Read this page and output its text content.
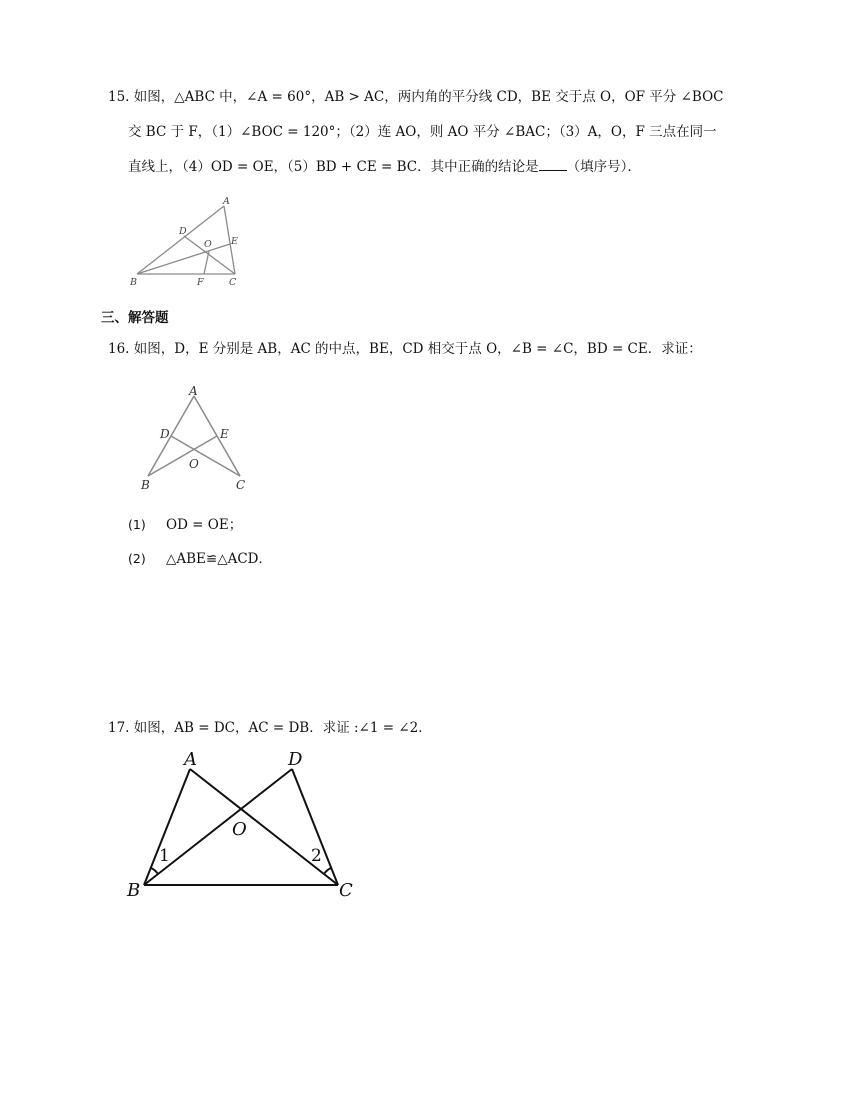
15. 如图，△ABC 中，∠A = 60°，AB > AC，两内角的平分线 CD，BE 交于点 O，OF 平分 ∠BOC
交 BC 于 F，（1）∠BOC = 120°；（2）连 AO，则 AO 平分 ∠BAC；（3）A，O，F 三点在同一
直线上，（4）OD = OE，（5）BD + CE = BC．其中正确的结论是 （填序号）．
A
D
O E
B	F	C
三、解答题
16. 如图，D，E 分别是 AB，AC 的中点，BE，CD 相交于点 O，∠B = ∠C，BD = CE．求证：
A
D	E
O
B	C
(1) OD = OE；
(2) △ABE≌△ACD．
17. 如图，AB = DC，AC = DB．求证 :∠1 = ∠2．
A	D
O
B	C
1	2
